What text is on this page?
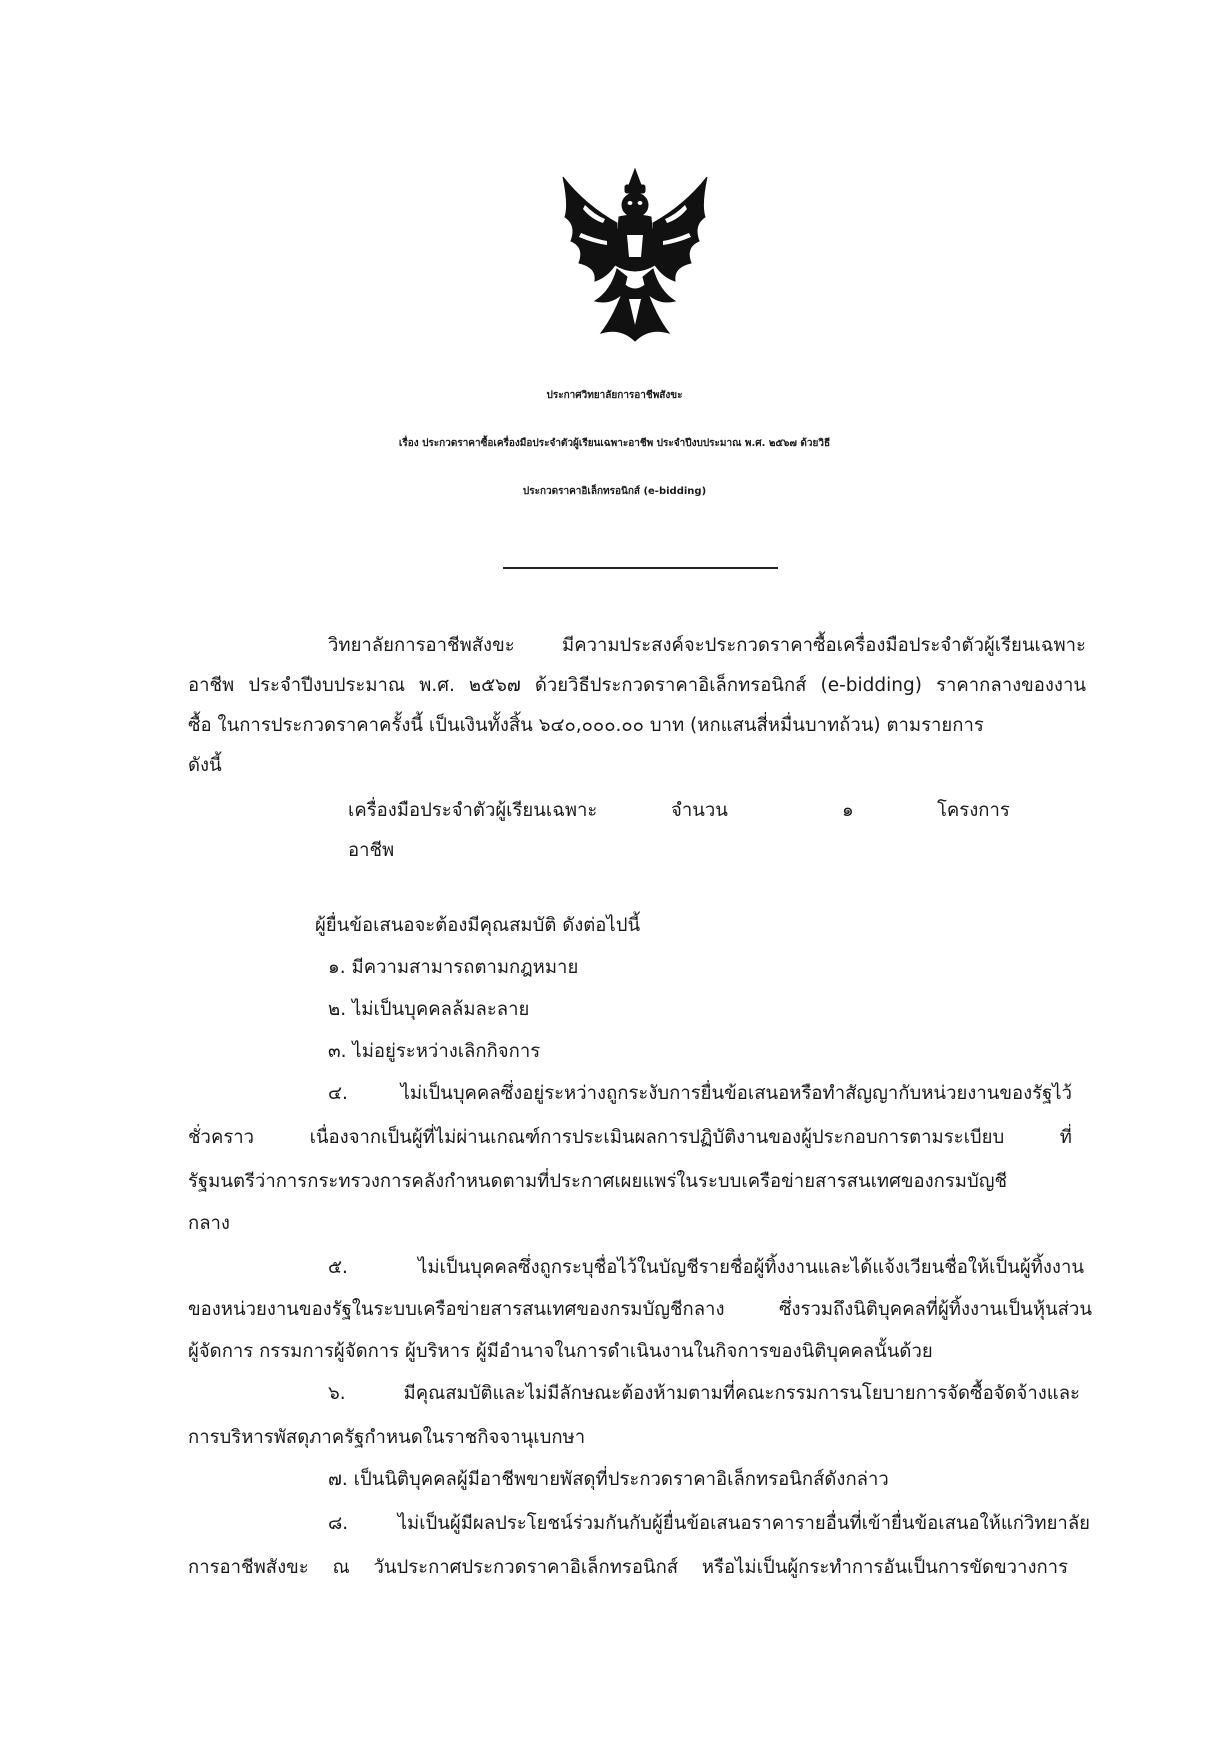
ประกาศวิทยาลัยการอาชีพสังขะ
เรื่อง ประกวดราคาซื้อเครื่องมือประจำตัวผู้เรียนเฉพาะอาชีพ ประจำปีงบประมาณ พ.ศ. ๒๕๖๗ ด้วยวิธี
ประกวดราคาอิเล็กทรอนิกส์ (e-bidding)
วิทยาลัยการอาชีพสังขะ มีความประสงค์จะประกวดราคาซื้อเครื่องมือประจำตัวผู้เรียนเฉพาะ
อาชีพ ประจำปีงบประมาณ พ.ศ. ๒๕๖๗ ด้วยวิธีประกวดราคาอิเล็กทรอนิกส์ (e-bidding) ราคากลางของงาน
ซื้อ ในการประกวดราคาครั้งนี้ เป็นเงินทั้งสิ้น ๖๔๐,๐๐๐.๐๐ บาท (หกแสนสี่หมื่นบาทถ้วน) ตามรายการ
ดังนี้
เครื่องมือประจำตัวผู้เรียนเฉพาะ
อาชีพ
จำนวน	๑	โครงการ
ผู้ยื่นข้อเสนอจะต้องมีคุณสมบัติ ดังต่อไปนี้
๑. มีความสามารถตามกฎหมาย
๒. ไม่เป็นบุคคลล้มละลาย
๓. ไม่อยู่ระหว่างเลิกกิจการ
๔. ไม่เป็นบุคคลซึ่งอยู่ระหว่างถูกระงับการยื่นข้อเสนอหรือทำสัญญากับหน่วยงานของรัฐไว้
ชั่วคราว เนื่องจากเป็นผู้ที่ไม่ผ่านเกณฑ์การประเมินผลการปฏิบัติงานของผู้ประกอบการตามระเบียบ ที่
รัฐมนตรีว่าการกระทรวงการคลังกำหนดตามที่ประกาศเผยแพร่ในระบบเครือข่ายสารสนเทศของกรมบัญชี
กลาง
๕. ไม่เป็นบุคคลซึ่งถูกระบุชื่อไว้ในบัญชีรายชื่อผู้ทิ้งงานและได้แจ้งเวียนชื่อให้เป็นผู้ทิ้งงาน
ของหน่วยงานของรัฐในระบบเครือข่ายสารสนเทศของกรมบัญชีกลาง ซึ่งรวมถึงนิติบุคคลที่ผู้ทิ้งงานเป็นหุ้นส่วน
ผู้จัดการ กรรมการผู้จัดการ ผู้บริหาร ผู้มีอำนาจในการดำเนินงานในกิจการของนิติบุคคลนั้นด้วย
๖. มีคุณสมบัติและไม่มีลักษณะต้องห้ามตามที่คณะกรรมการนโยบายการจัดซื้อจัดจ้างและ
การบริหารพัสดุภาครัฐกำหนดในราชกิจจานุเบกษา
๗. เป็นนิติบุคคลผู้มีอาชีพขายพัสดุที่ประกวดราคาอิเล็กทรอนิกส์ดังกล่าว
๘. ไม่เป็นผู้มีผลประโยชน์ร่วมกันกับผู้ยื่นข้อเสนอราคารายอื่นที่เข้ายื่นข้อเสนอให้แก่วิทยาลัย
การอาชีพสังขะ ณ วันประกาศประกวดราคาอิเล็กทรอนิกส์ หรือไม่เป็นผู้กระทำการอันเป็นการขัดขวางการ
